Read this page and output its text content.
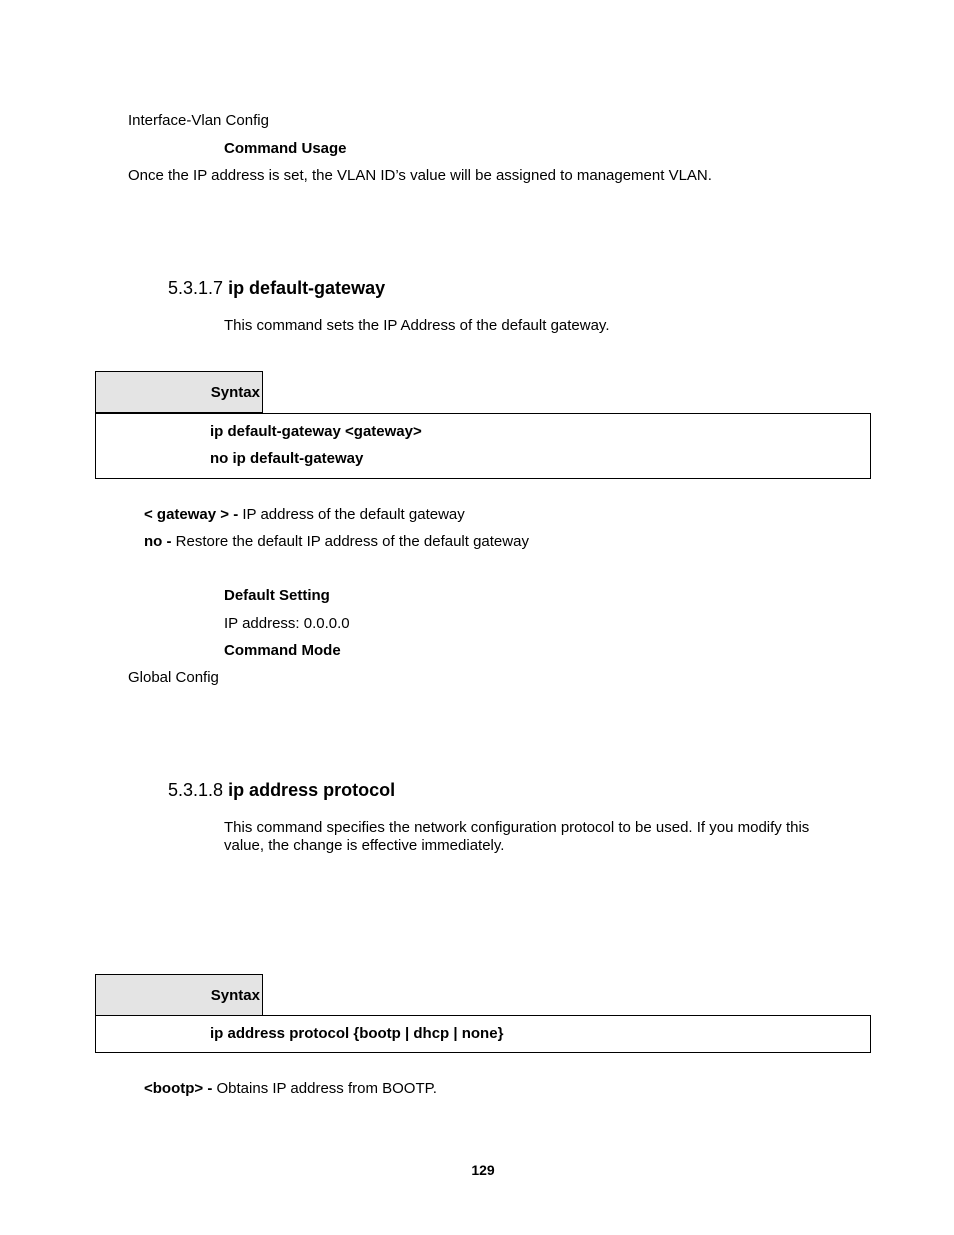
Interface-Vlan Config
Command Usage
Once the IP address is set, the VLAN ID’s value will be assigned to management VLAN.
5.3.1.7 ip default-gateway
This command sets the IP Address of the default gateway.
Syntax
ip default-gateway <gateway>
no ip default-gateway
< gateway > - IP address of the default gateway
no - Restore the default IP address of the default gateway
Default Setting
IP address: 0.0.0.0
Command Mode
Global Config
5.3.1.8 ip address protocol
This command specifies the network configuration protocol to be used. If you modify this
value, the change is effective immediately.
Syntax
ip address protocol {bootp | dhcp | none}
<bootp> - Obtains IP address from BOOTP.
129
